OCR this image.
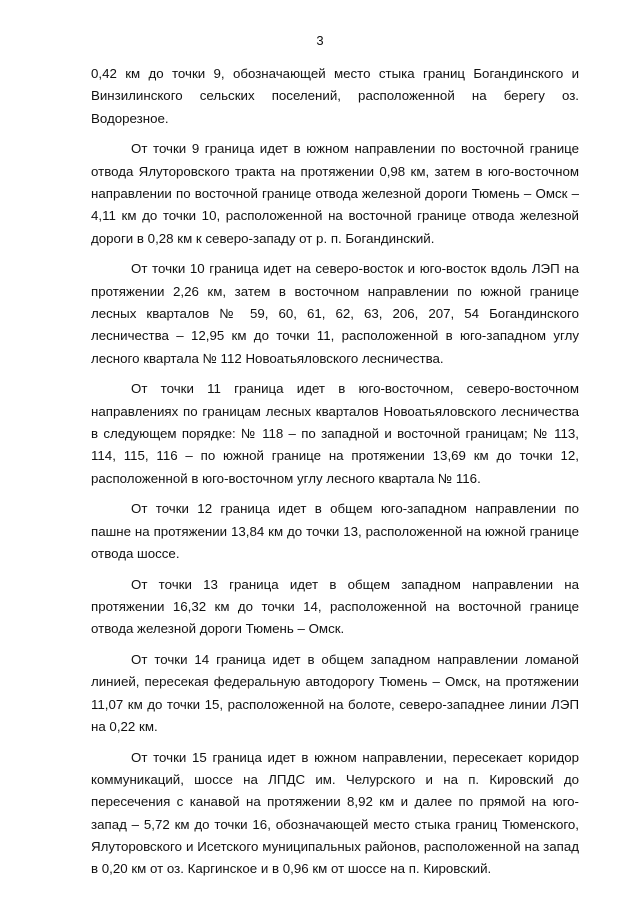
3

0,42 км до точки 9, обозначающей место стыка границ Богандинского и Винзилинского сельских поселений, расположенной на берегу оз. Водорезное.

От точки 9 граница идет в южном направлении по восточной границе отвода Ялуторовского тракта на протяжении 0,98 км, затем в юго-восточном направлении по восточной границе отвода железной дороги Тюмень – Омск – 4,11 км до точки 10, расположенной на восточной границе отвода железной дороги в 0,28 км к северо-западу от р. п. Богандинский.

От точки 10 граница идет на северо-восток и юго-восток вдоль ЛЭП на протяжении 2,26 км, затем в восточном направлении по южной границе лесных кварталов № 59, 60, 61, 62, 63, 206, 207, 54 Богандинского лесничества – 12,95 км до точки 11, расположенной в юго-западном углу лесного квартала № 112 Новоатьяловского лесничества.

От точки 11 граница идет в юго-восточном, северо-восточном направлениях по границам лесных кварталов Новоатьяловского лесничества в следующем порядке: № 118 – по западной и восточной границам; № 113, 114, 115, 116 – по южной границе на протяжении 13,69 км до точки 12, расположенной в юго-восточном углу лесного квартала № 116.

От точки 12 граница идет в общем юго-западном направлении по пашне на протяжении 13,84 км до точки 13, расположенной на южной границе отвода шоссе.

От точки 13 граница идет в общем западном направлении на протяжении 16,32 км до точки 14, расположенной на восточной границе отвода железной дороги Тюмень – Омск.

От точки 14 граница идет в общем западном направлении ломаной линией, пересекая федеральную автодорогу Тюмень – Омск, на протяжении 11,07 км до точки 15, расположенной на болоте, северо-западнее линии ЛЭП на 0,22 км.

От точки 15 граница идет в южном направлении, пересекает коридор коммуникаций, шоссе на ЛПДС им. Челурского и на п. Кировский до пересечения с канавой на протяжении 8,92 км и далее по прямой на юго-запад – 5,72 км до точки 16, обозначающей место стыка границ Тюменского, Ялуторовского и Исетского муниципальных районов, расположенной на запад в 0,20 км от оз. Каргинское и в 0,96 км от шоссе на п. Кировский.
